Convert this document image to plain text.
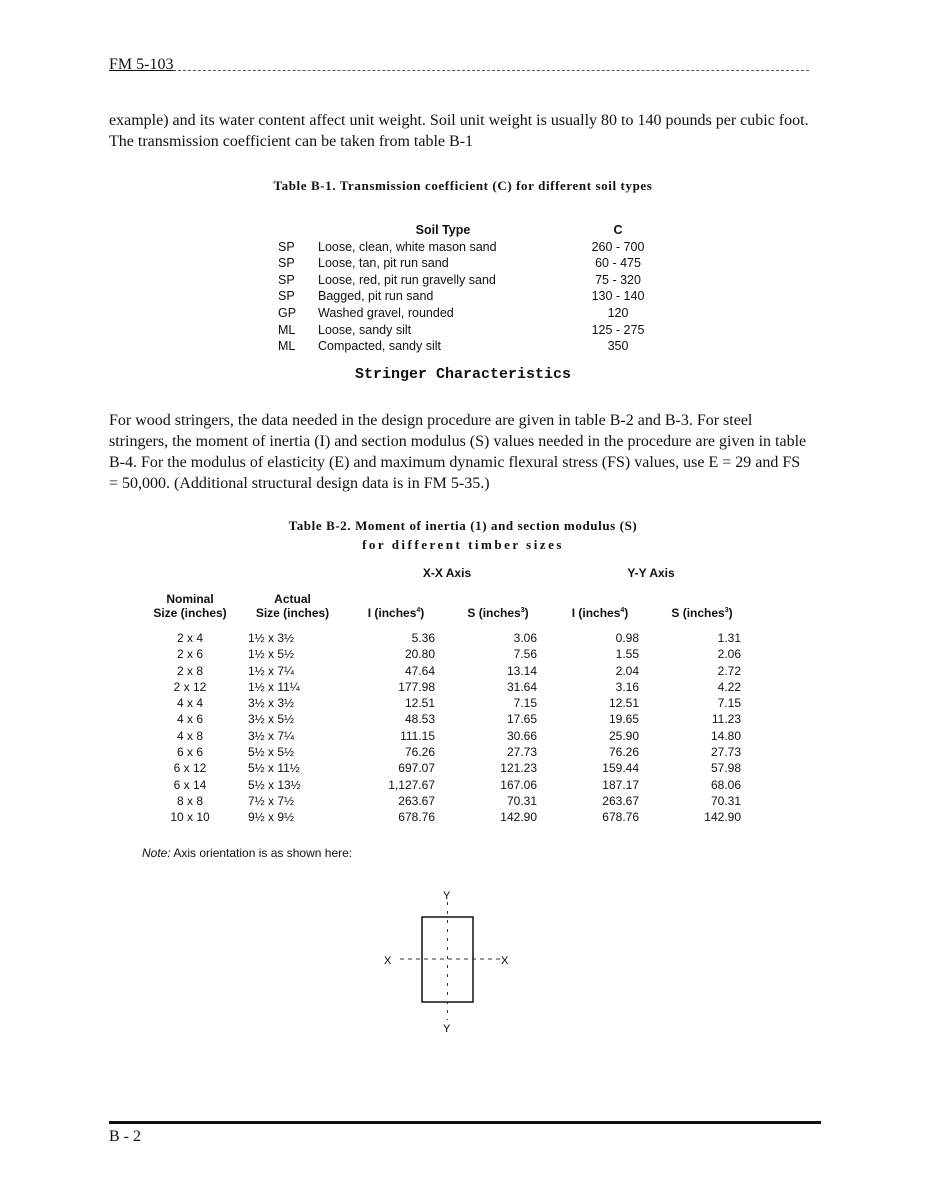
FM 5-103

example) and its water content affect unit weight. Soil unit weight is usually 80 to 140 pounds per cubic foot. The transmission coefficient can be taken from table B-1

Table B-1. Transmission coefficient (C) for different soil types
Soil Type	C
SP	Loose, clean, white mason sand	260 - 700
SP	Loose, tan, pit run sand	60 - 475
SP	Loose, red, pit run gravelly sand	75 - 320
SP	Bagged, pit run sand	130 - 140
GP	Washed gravel, rounded	120
ML	Loose, sandy silt	125 - 275
ML	Compacted, sandy silt	350
Stringer Characteristics

For wood stringers, the data needed in the design procedure are given in table B-2 and B-3. For steel stringers, the moment of inertia (I) and section modulus (S) values needed in the procedure are given in table B-4. For the modulus of elasticity (E) and maximum dynamic flexural stress (FS) values, use E = 29 and FS = 50,000. (Additional structural design data is in FM 5-35.)

Table B-2. Moment of inertia (1) and section modulus (S)
for different timber sizes
X-X Axis	Y-Y Axis
Nominal
Size (inches)
Actual
Size (inches)	I (inches$^4$)	S (inches$^3$)	I (inches$^4$)	S (inches$^3$)
2 x 4	1½ x 3½	5.36	3.06	0.98	1.31
2 x 6	1½ x 5½	20.80	7.56	1.55	2.06
2 x 8	1½ x 7¼	47.64	13.14	2.04	2.72
2 x 12	1½ x 11¼	177.98	31.64	3.16	4.22
4 x 4	3½ x 3½	12.51	7.15	12.51	7.15
4 x 6	3½ x 5½	48.53	17.65	19.65	11.23
4 x 8	3½ x 7¼	111.15	30.66	25.90	14.80
6 x 6	5½ x 5½	76.26	27.73	76.26	27.73
6 x 12	5½ x 11½	697.07	121.23	159.44	57.98
6 x 14	5½ x 13½	1,127.67	167.06	187.17	68.06
8 x 8	7½ x 7½	263.67	70.31	263.67	70.31
10 x 10	9½ x 9½	678.76	142.90	678.76	142.90
Note: Axis orientation is as shown here:
X	X
Y
Y
B - 2
